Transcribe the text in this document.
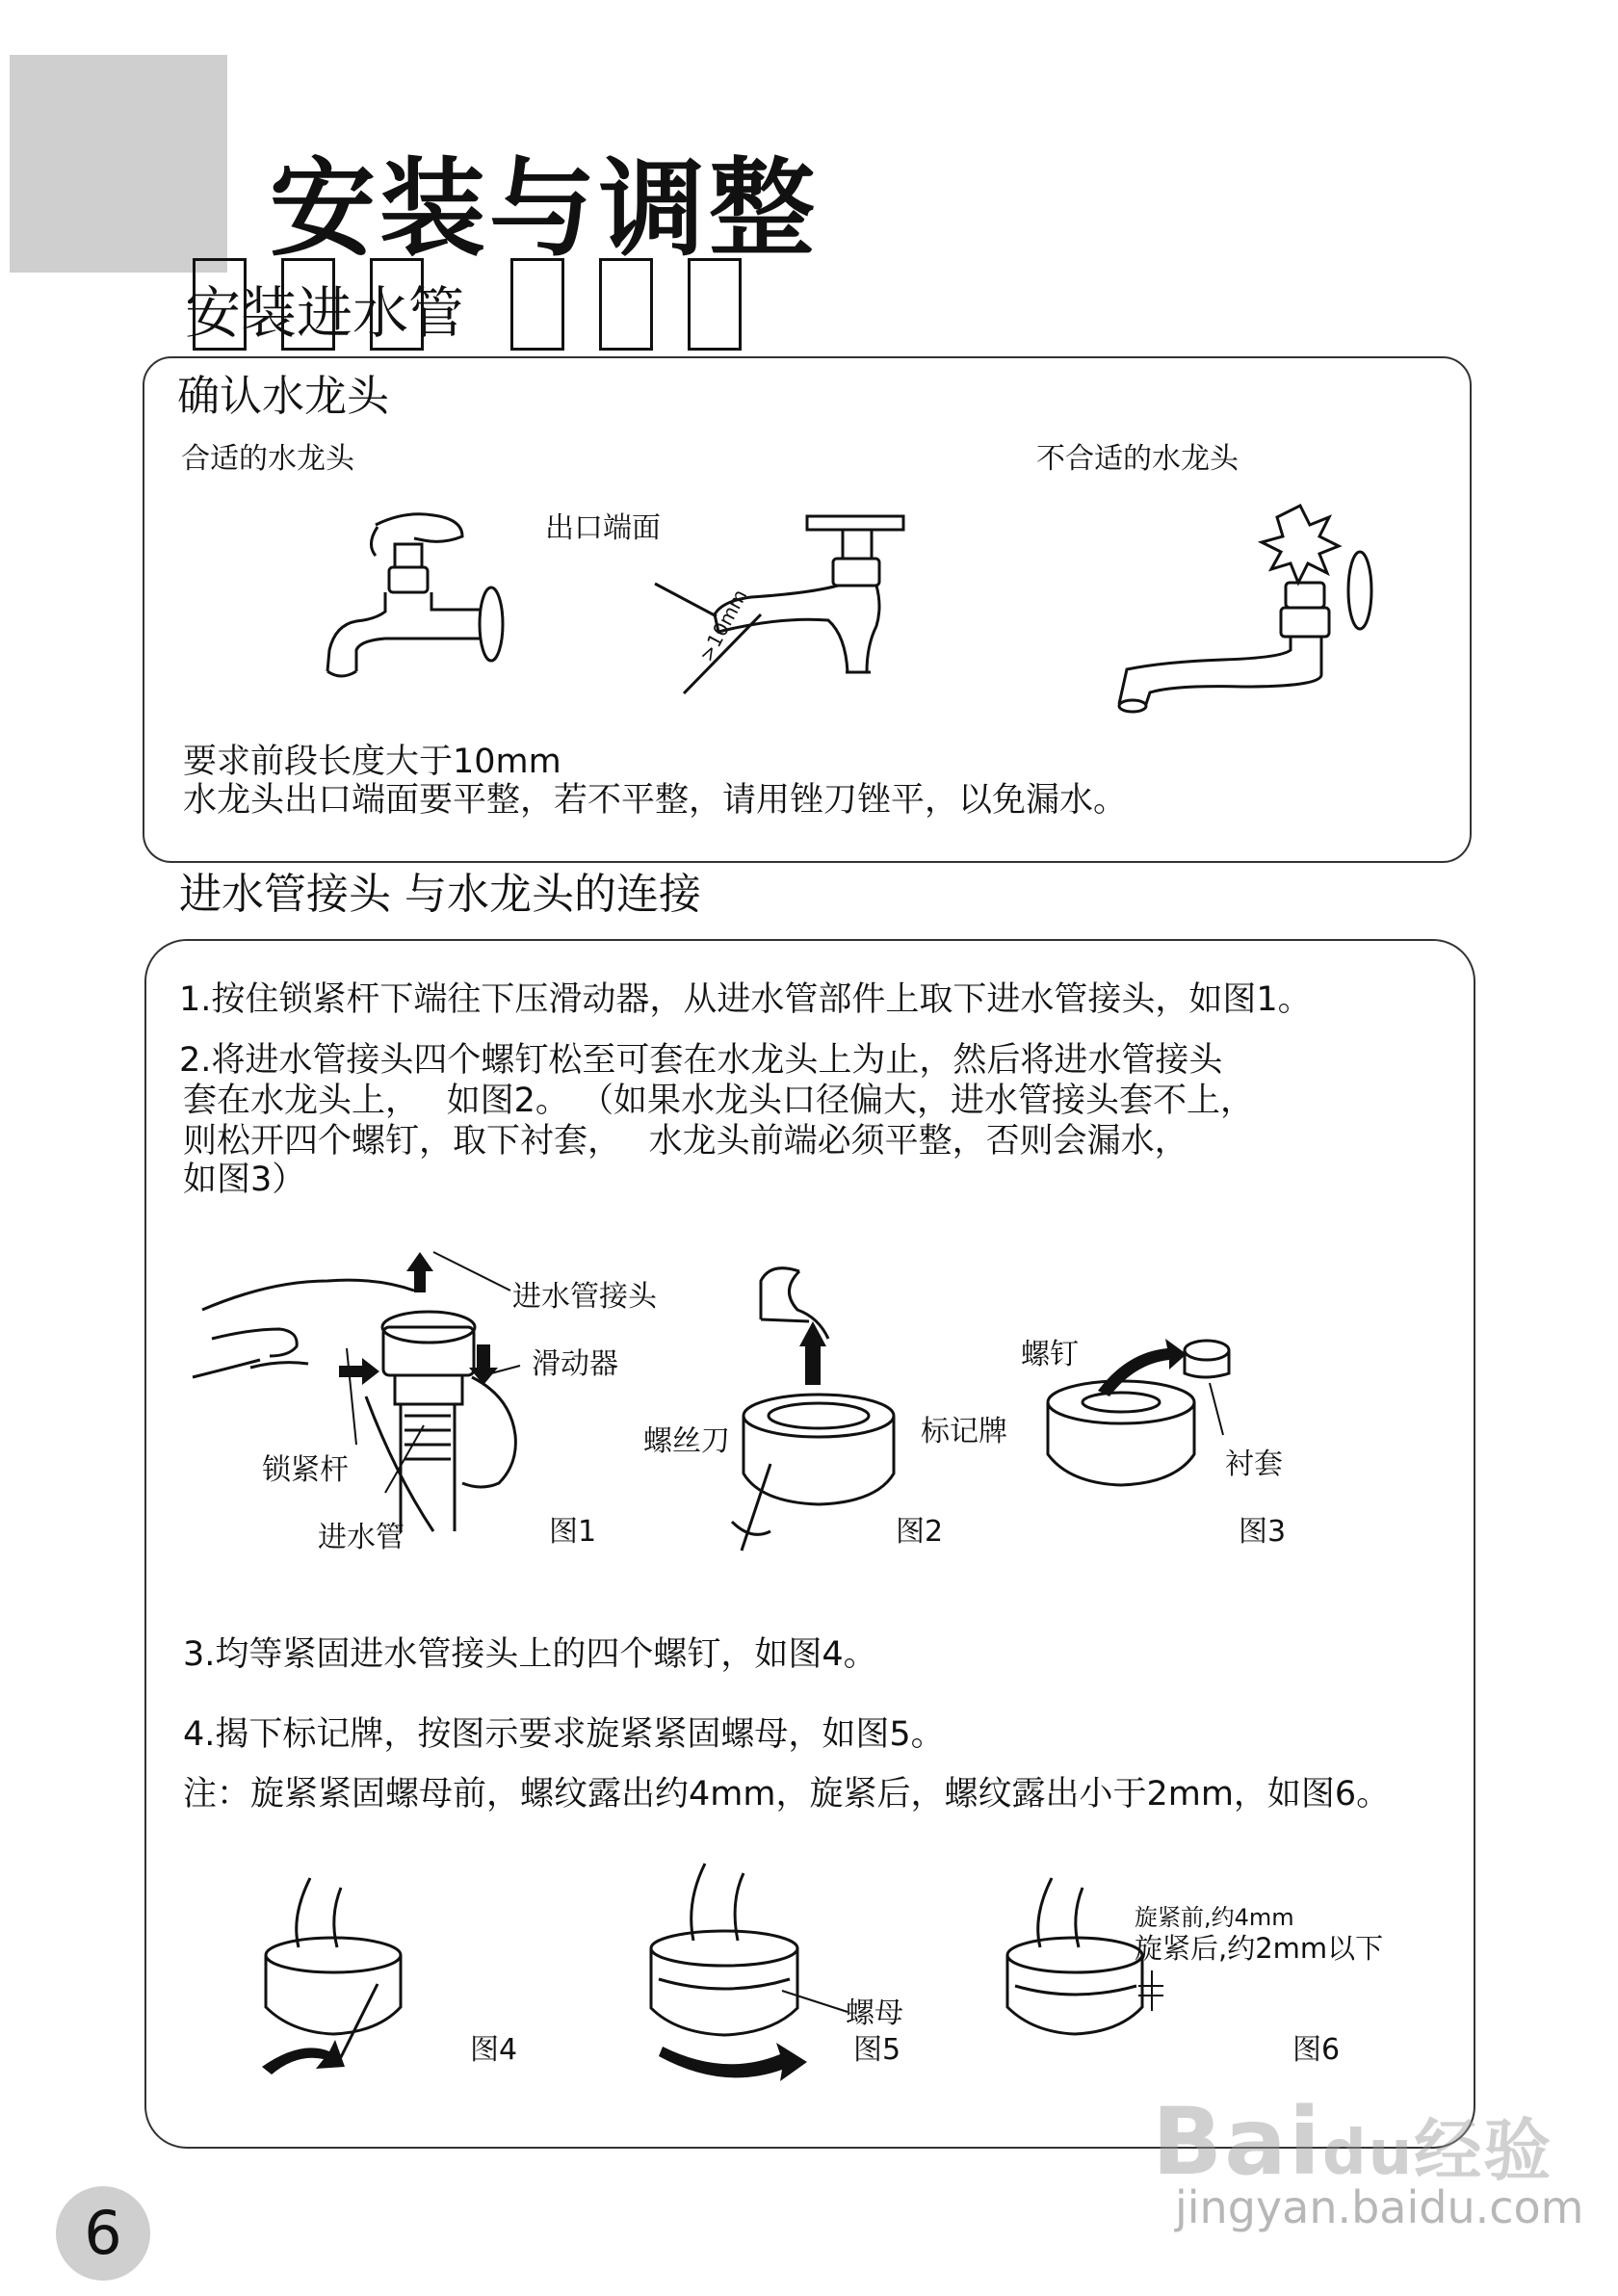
安装与调整
安装进水管
确认水龙头
合适的水龙头	不合适的水龙头
出口端面
>10mm
要求前段长度大于10mm
水龙头出口端面要平整，若不平整，请用锉刀锉平，以免漏水。
进水管接头 与水龙头的连接
1.按住锁紧杆下端往下压滑动器，从进水管部件上取下进水管接头，如图1。
2.将进水管接头四个螺钉松至可套在水龙头上为止，然后将进水管接头
套在水龙头上，　 如图2。 （如果水龙头口径偏大，进水管接头套不上，
则松开四个螺钉，取下衬套，　 水龙头前端必须平整，否则会漏水，
如图3）
进水管接头
滑动器
锁紧杆
进水管	图1
螺丝刀	标记牌
图2
螺钉
衬套
图3
3.均等紧固进水管接头上的四个螺钉，如图4。
4.揭下标记牌，按图示要求旋紧紧固螺母，如图5。
注：旋紧紧固螺母前，螺纹露出约4mm，旋紧后，螺纹露出小于2mm，如图6。
图4
螺母
图5
旋紧前,约4mm
旋紧后,约2mm以下
图6
6
Baidu经验
jingyan.baidu.com
